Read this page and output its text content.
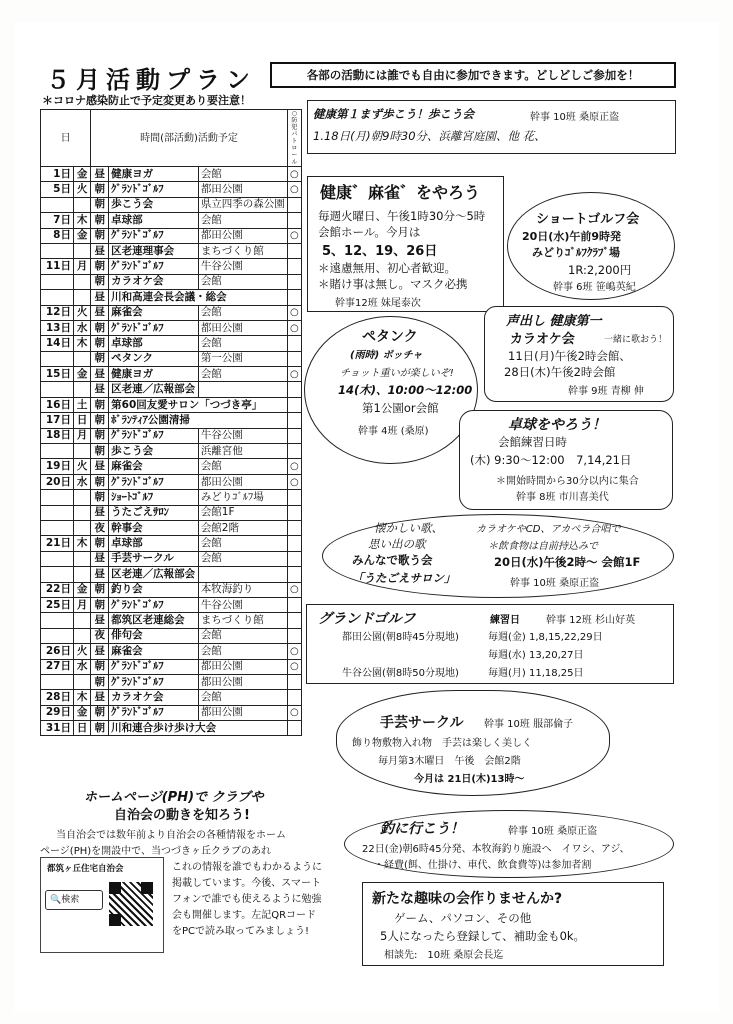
５月活動プラン	各部の活動には誰でも自由に参加できます。どしどしご参加を！
＊コロナ感染防止で予定変更あり要注意！
日		時間(部活動)活動予定			○防犯パトロール
1日	金	昼	健康ヨガ	会館	○
5日	火	朝	ｸﾞﾗﾝﾄﾞｺﾞﾙﾌ	都田公園	○
		朝	歩こう会	県立四季の森公園	
7日	木	朝	卓球部	会館	
8日	金	朝	ｸﾞﾗﾝﾄﾞｺﾞﾙﾌ	都田公園	○
		昼	区老連理事会	まちづくり館	
11日	月	朝	ｸﾞﾗﾝﾄﾞｺﾞﾙﾌ	牛谷公園	
		朝	カラオケ会	会館	
		昼	川和高連会長会議・総会		
12日	火	昼	麻雀会	会館	○
13日	水	朝	ｸﾞﾗﾝﾄﾞｺﾞﾙﾌ	都田公園	○
14日	木	朝	卓球部	会館	
		朝	ペタンク	第一公園	
15日	金	昼	健康ヨガ	会館	○
		昼	区老連／広報部会		
16日	土	朝	第60回友愛サロン「つづき亭」		
17日	日	朝	ﾎﾞﾗﾝﾃｨｱ公園清掃		
18日	月	朝	ｸﾞﾗﾝﾄﾞｺﾞﾙﾌ	牛谷公園	
		朝	歩こう会	浜離宮他	
19日	火	昼	麻雀会	会館	○
20日	水	朝	ｸﾞﾗﾝﾄﾞｺﾞﾙﾌ	都田公園	○
		朝	ｼｮｰﾄｺﾞﾙﾌ	みどりｺﾞﾙﾌ場	
		昼	うたごえｻﾛﾝ	会館1F	
		夜	幹事会	会館2階	
21日	木	朝	卓球部	会館	
		昼	手芸サークル	会館	
		昼	区老連／広報部会		
22日	金	朝	釣り会	本牧海釣り	○
25日	月	朝	ｸﾞﾗﾝﾄﾞｺﾞﾙﾌ	牛谷公園	
		昼	都筑区老連総会	まちづくり館	
		夜	俳句会	会館	
26日	火	昼	麻雀会	会館	○
27日	水	朝	ｸﾞﾗﾝﾄﾞｺﾞﾙﾌ	都田公園	○
		朝	ｸﾞﾗﾝﾄﾞｺﾞﾙﾌ	都田公園	
28日	木	昼	カラオケ会	会館	
29日	金	朝	ｸﾞﾗﾝﾄﾞｺﾞﾙﾌ	都田公園	○
31日	日	朝	川和連合歩け歩け大会		
健康第１まず歩こう！歩こう会	幹事 10班 桑原正盗
1.18日(月)朝9時30分、浜離宮庭園、他 花、
健康゛麻雀゛をやろう
毎週火曜日、午後1時30分～5時
会館ホール。今月は
5、12、19、26日
＊遠慮無用、初心者歓迎。
＊賭け事は無し。マスク必携
幹事12班 妹尾泰次
ショートゴルフ会
20日(水)午前9時発
みどりｺﾞﾙﾌｸﾗﾌﾞ場
1R:2,200円
幹事 6班 笹嶋英紀
ペタンク
(雨時) ボッチャ
チョット重いが楽しいぞ!
14(木)、10:00～12:00
第1公園or会館
幹事 4班 (桑原)
声出し 健康第一
カラオケ会	一緒に歌おう！
11日(月)午後2時会館、
28日(木)午後2時会館
幹事 9班 青柳 伸
卓球をやろう！
会館練習日時
(木) 9:30～12:00　7,14,21日
＊開始時間から30分以内に集合
幹事 8班 市川喜美代
懐かしい歌、
思い出の歌
みんなで歌う会
「うたごえサロン」
カラオケやCD、アカペラ合唱で
＊飲食物は自前持込みで
20日(水)午後2時～ 会館1F
幹事 10班 桑原正盗
グランドゴルフ	練習日	幹事 12班 杉山好英
都田公園(朝8時45分現地)	毎週(金) 1,8,15,22,29日
毎週(水) 13,20,27日
牛谷公園(朝8時50分現地)	毎週(月) 11,18,25日
手芸サークル 幹事 10班 服部倫子
飾り物敷物入れ物　手芸は楽しく美しく
毎月第3木曜日　午後　会館2階
今月は 21日(木)13時～
釣に行こう！	幹事 10班 桑原正盗
22日(金)朝6時45分発、本牧海釣り施設へ　イワシ、アジ、
・経費(餌、仕掛け、車代、飲食費等)は参加者割
新たな趣味の会作りませんか?
ゲーム、パソコン、その他
5人になったら登録して、補助金も0k。
相談先:　10班 桑原会長迄
ホームページ(PH)で クラブや
自治会の動きを知ろう!
当自治会では数年前より自治会の各種情報をホーム
ページ(PH)を開設中で、当つづきヶ丘クラブのあれ
これの情報を誰でもわかるように
掲載しています。今後、スマート
フォンで誰でも使えるように勉強
会も開催します。左記QRコード
をPCで読み取ってみましょう!
都筑ヶ丘住宅自治会
🔍検索
